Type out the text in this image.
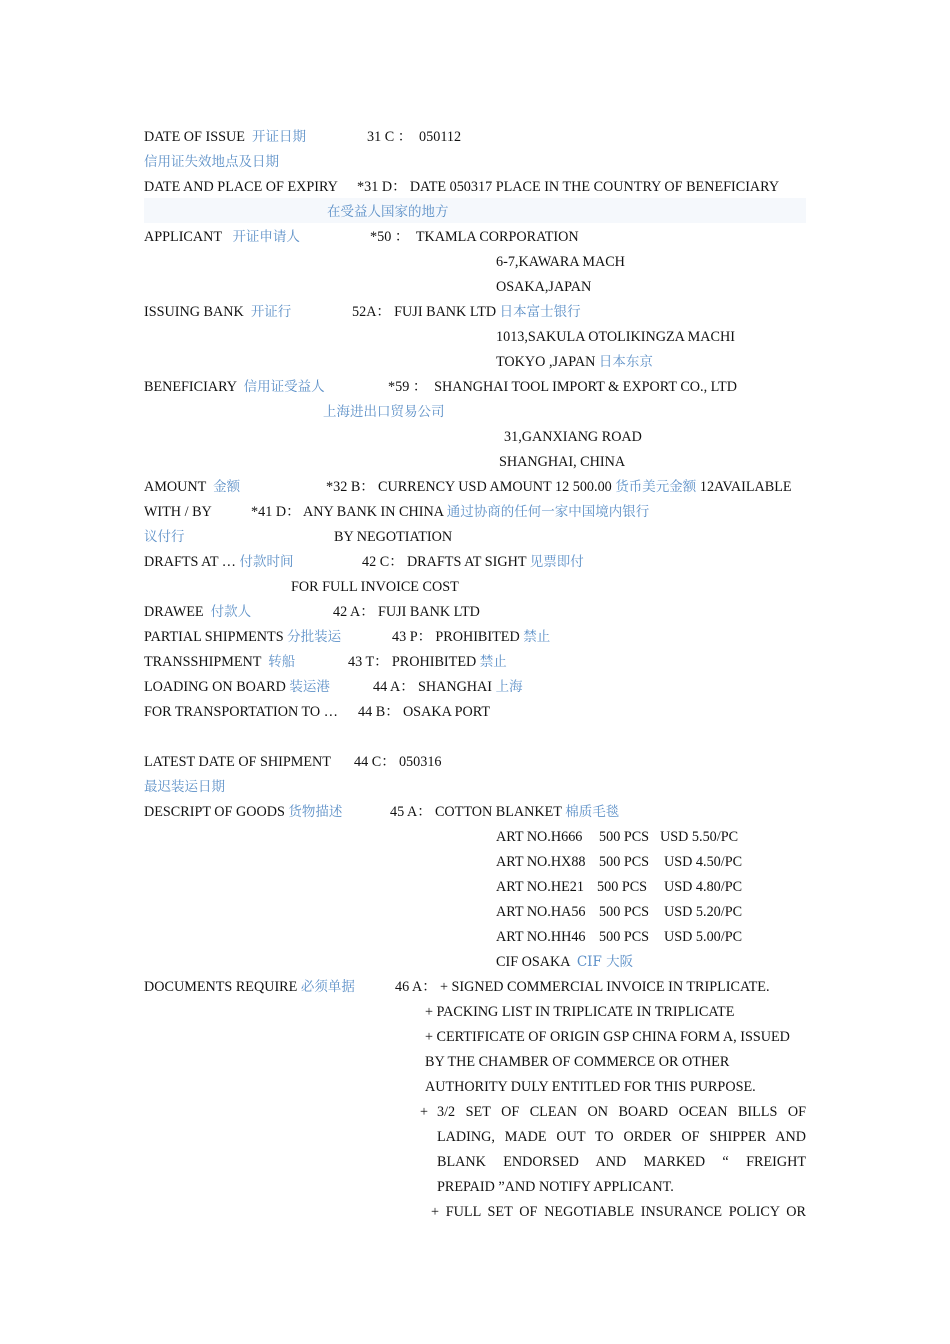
DATE OF ISSUE 开证日期	31 C ： 050112
信用证失效地点及日期
DATE AND PLACE OF EXPIRY *31 D： DATE 050317 PLACE IN THE COUNTRY OF BENEFICIARY
在受益人国家的地方
APPLICANT 开证申请人	*50 ： TKAMLA CORPORATION
6-7,KAWARA MACH
OSAKA,JAPAN
ISSUING BANK 开证行	52A： FUJI BANK LTD 日本富士银行
1013,SAKULA OTOLIKINGZA MACHI
TOKYO ,JAPAN 日本东京
BENEFICIARY 信用证受益人	*59 ： SHANGHAI TOOL IMPORT & EXPORT CO., LTD
上海进出口贸易公司
31,GANXIANG ROAD
SHANGHAI, CHINA
AMOUNT 金额	*32 B： CURRENCY USD AMOUNT 12 500.00 货币美元金额 12AVAILABLE
WITH / BY	*41 D： ANY BANK IN CHINA 通过协商的任何一家中国境内银行
议付行	BY NEGOTIATION
DRAFTS AT … 付款时间	42 C： DRAFTS AT SIGHT 见票即付
FOR FULL INVOICE COST
DRAWEE 付款人	42 A： FUJI BANK LTD
PARTIAL SHIPMENTS 分批装运	43 P： PROHIBITED 禁止
TRANSSHIPMENT 转船	43 T： PROHIBITED 禁止
LOADING ON BOARD 装运港	44 A： SHANGHAI 上海
FOR TRANSPORTATION TO … 44 B： OSAKA PORT
LATEST DATE OF SHIPMENT 44 C： 050316
最迟装运日期
DESCRIPT OF GOODS 货物描述	45 A： COTTON BLANKET 棉质毛毯
ART NO.H666 500 PCS USD 5.50/PC
ART NO.HX88 500 PCS USD 4.50/PC
ART NO.HE21 500 PCS USD 4.80/PC
ART NO.HA56 500 PCS USD 5.20/PC
ART NO.HH46 500 PCS USD 5.00/PC
CIF OSAKA CIF 大阪
DOCUMENTS REQUIRE 必须单据	46 A： + SIGNED COMMERCIAL INVOICE IN TRIPLICATE.
+ PACKING LIST IN TRIPLICATE IN TRIPLICATE
+ CERTIFICATE OF ORIGIN GSP CHINA FORM A, ISSUED
BY THE CHAMBER OF COMMERCE OR OTHER
AUTHORITY DULY ENTITLED FOR THIS PURPOSE.
+ 3/2 SET OF CLEAN ON BOARD OCEAN BILLS OF
LADING, MADE OUT TO ORDER OF SHIPPER AND
BLANK ENDORSED AND MARKED “ FREIGHT
PREPAID ”AND NOTIFY APPLICANT.
+ FULL SET OF NEGOTIABLE INSURANCE POLICY OR
